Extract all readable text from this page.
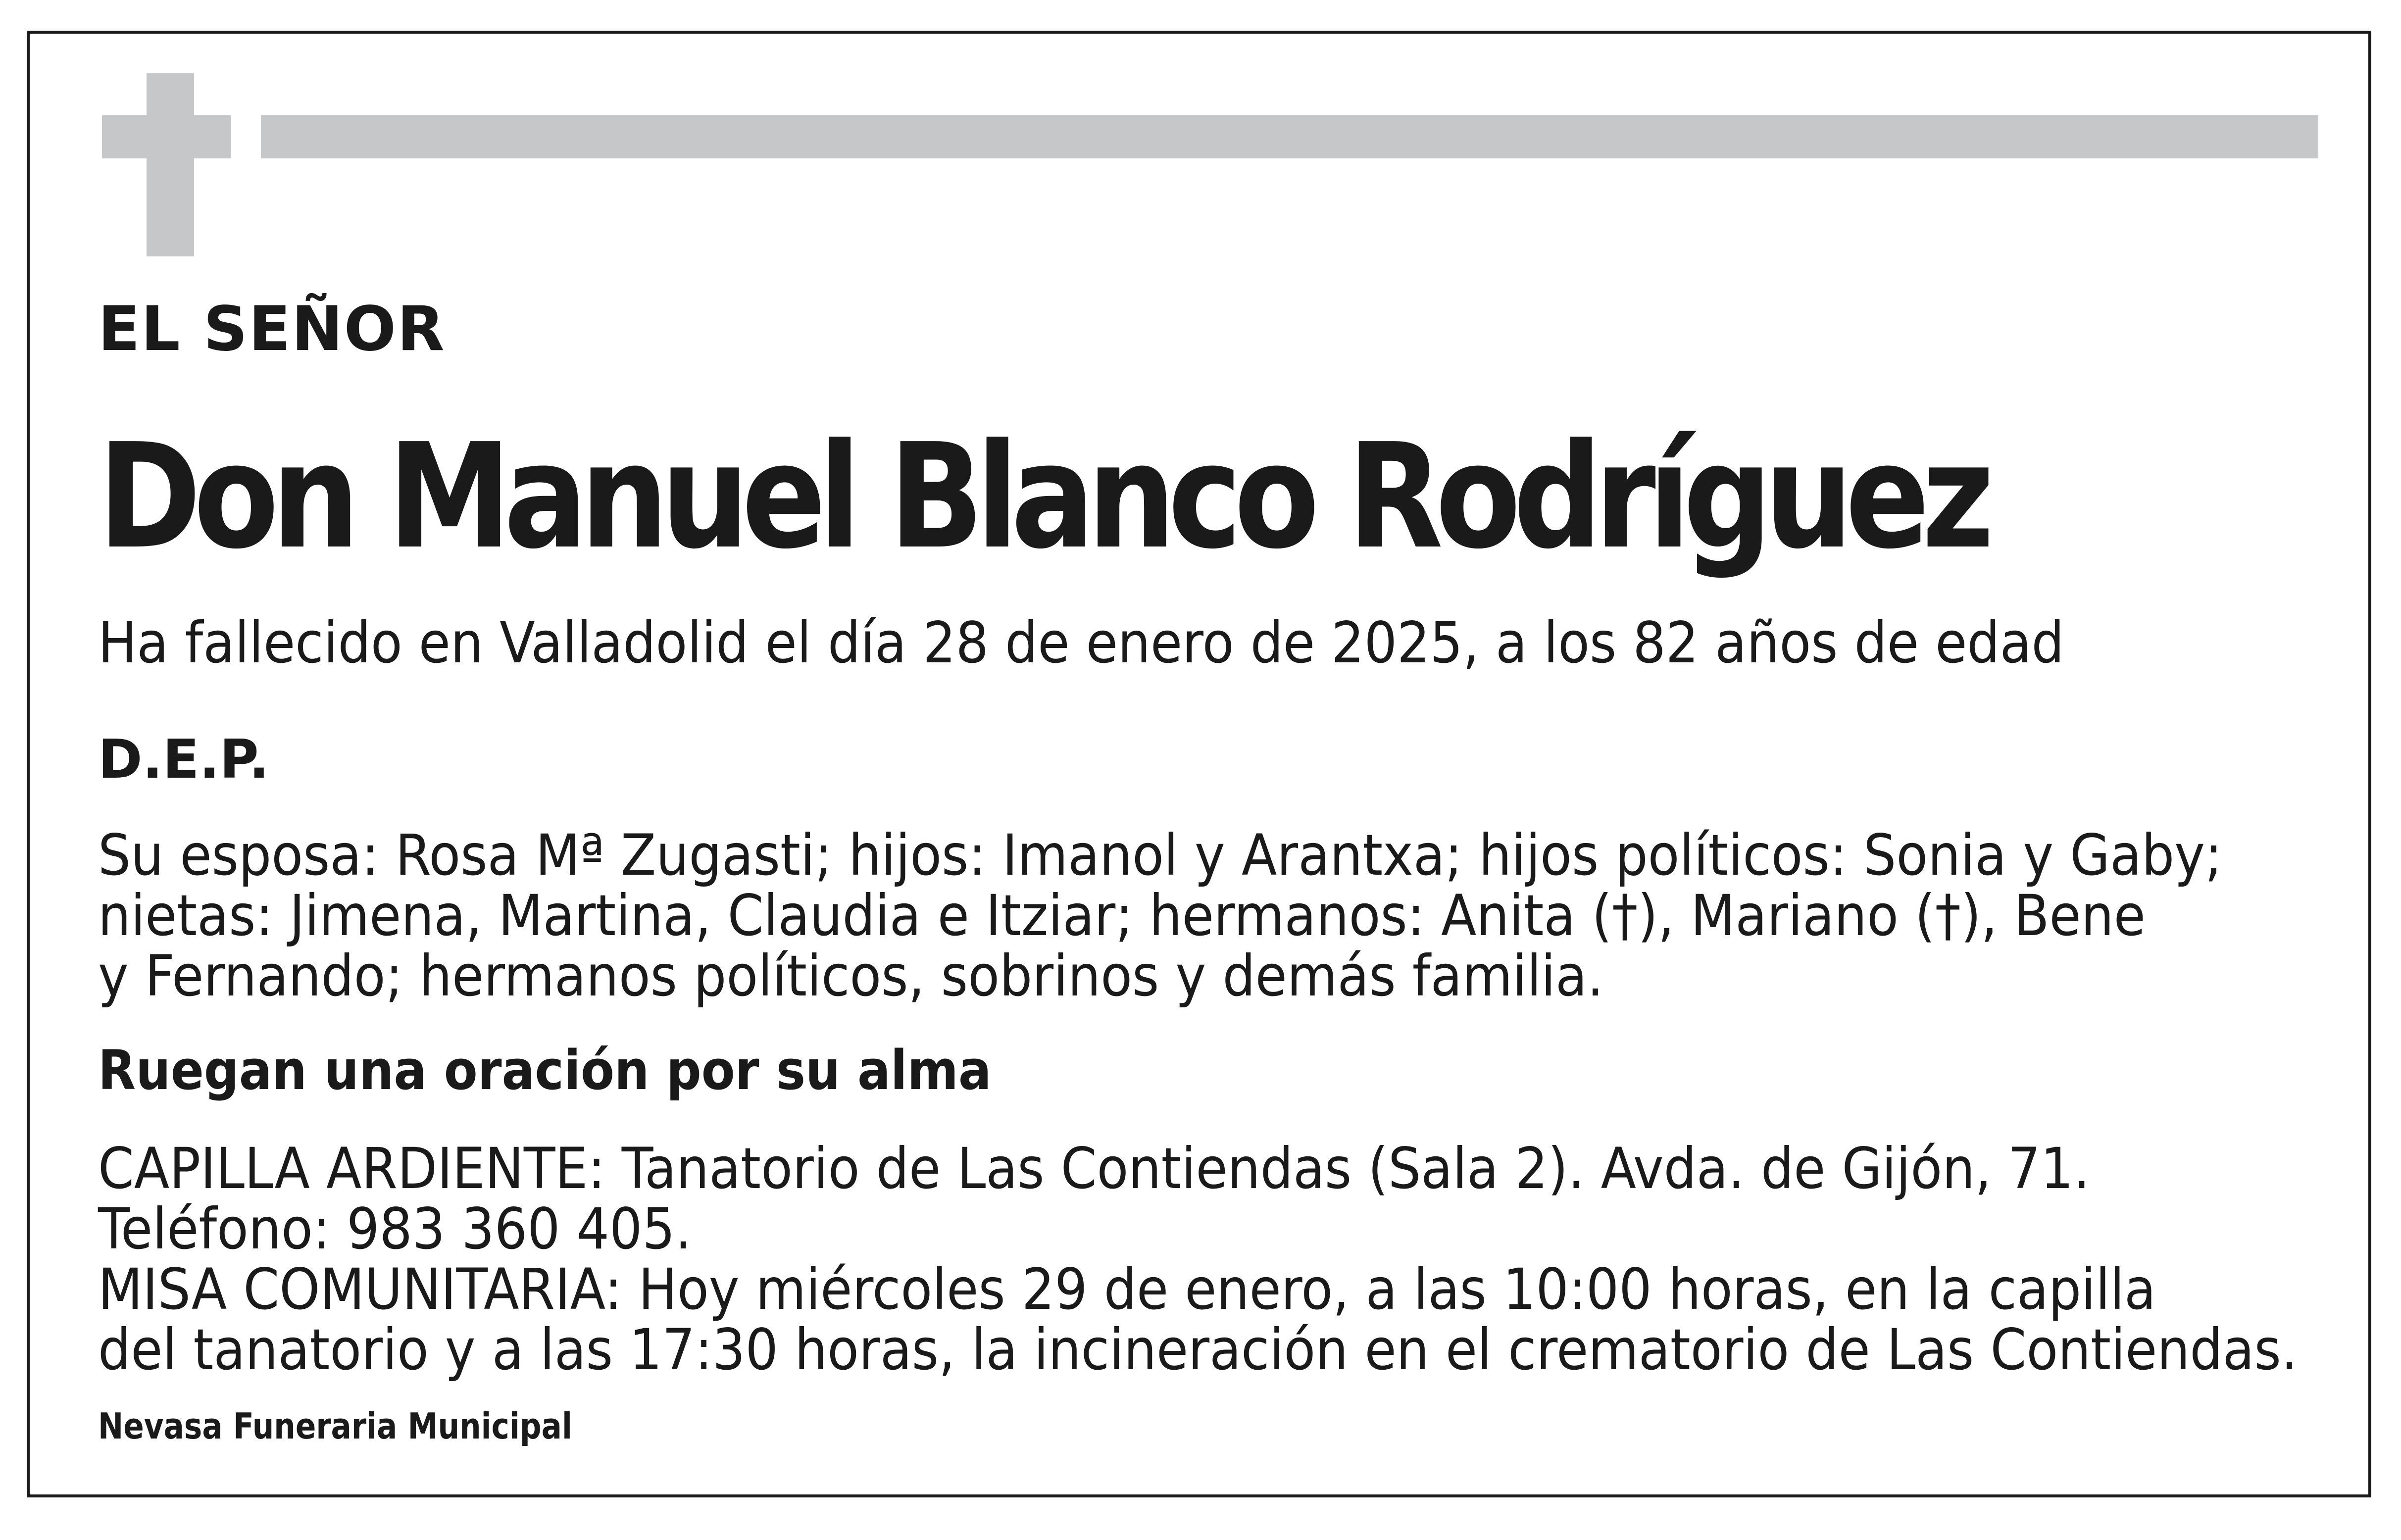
EL SEÑOR

Don Manuel Blanco Rodríguez

Ha fallecido en Valladolid el día 28 de enero de 2025, a los 82 años de edad

D.E.P.

Su esposa: Rosa Mª Zugasti; hijos: Imanol y Arantxa; hijos políticos: Sonia y Gaby;
nietas: Jimena, Martina, Claudia e Itziar; hermanos: Anita (†), Mariano (†), Bene
y Fernando; hermanos políticos, sobrinos y demás familia.

Ruegan una oración por su alma

CAPILLA ARDIENTE: Tanatorio de Las Contiendas (Sala 2). Avda. de Gijón, 71.
Teléfono: 983 360 405.
MISA COMUNITARIA: Hoy miércoles 29 de enero, a las 10:00 horas, en la capilla
del tanatorio y a las 17:30 horas, la incineración en el crematorio de Las Contiendas.

Nevasa Funeraria Municipal
